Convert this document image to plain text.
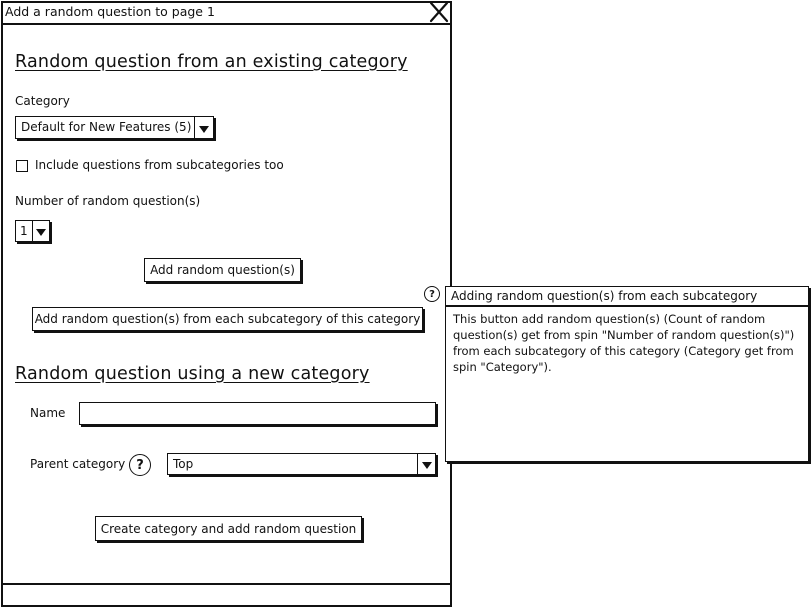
Add a random question to page 1
Random question from an existing category
Category
Default for New Features (5)
Include questions from subcategories too
Number of random question(s)
1
Add random question(s)
?
Add random question(s) from each subcategory of this category
Random question using a new category
Name
Parent category ? Top
Create category and add random question
Adding random question(s) from each subcategory
This button add random question(s) (Count of random question(s) get from spin "Number of random question(s)") from each subcategory of this category (Category get from spin "Category").
